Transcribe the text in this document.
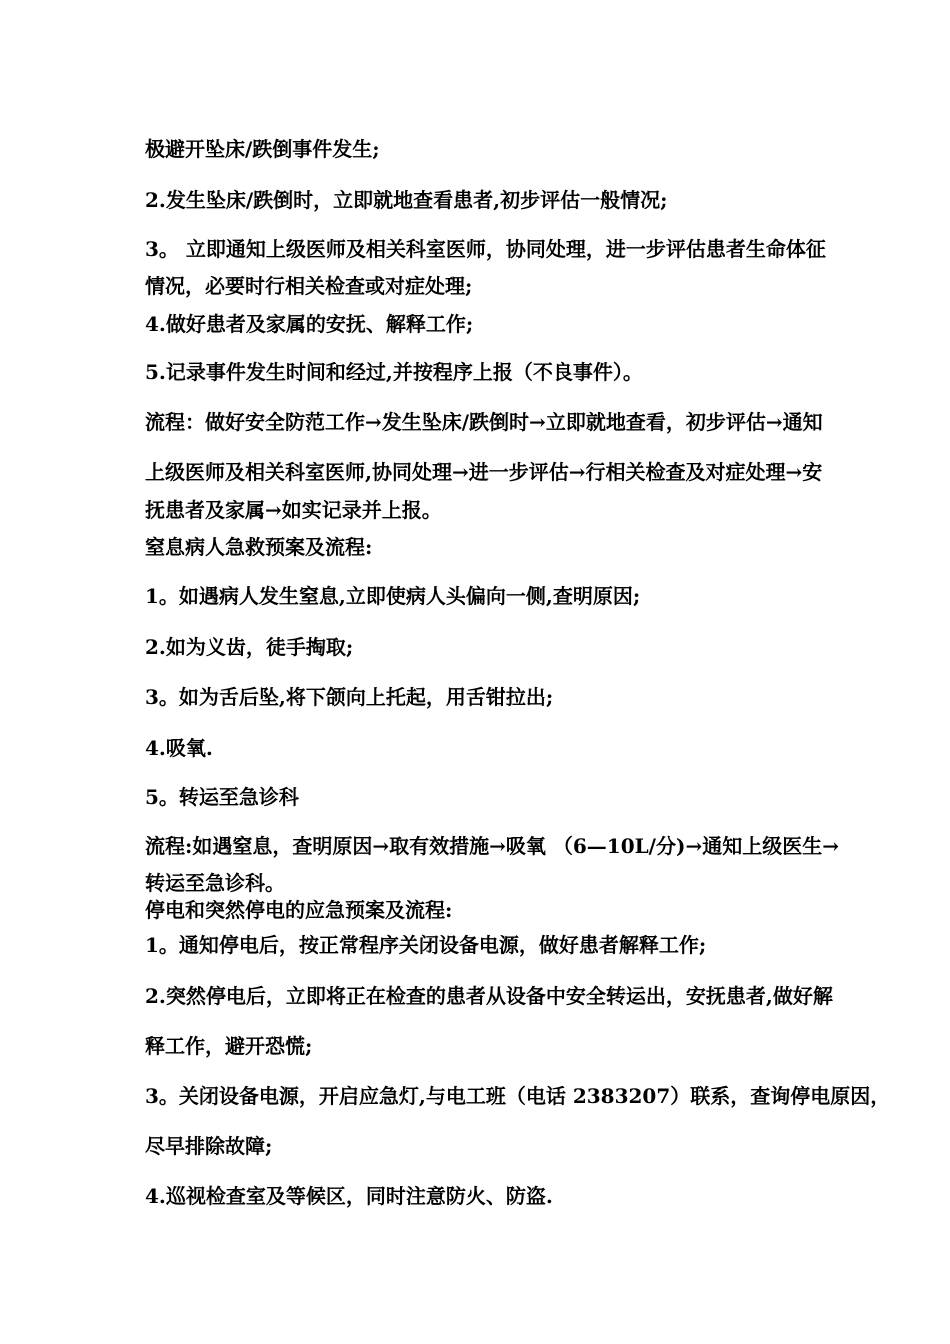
极避开坠床/跌倒事件发生;
2.发生坠床/跌倒时，立即就地查看患者,初步评估一般情况;
3。 立即通知上级医师及相关科室医师，协同处理，进一步评估患者生命体征
情况，必要时行相关检查或对症处理;
4.做好患者及家属的安抚、解释工作;
5.记录事件发生时间和经过,并按程序上报（不良事件）。
流程：做好安全防范工作→发生坠床/跌倒时→立即就地查看，初步评估→通知
上级医师及相关科室医师,协同处理→进一步评估→行相关检查及对症处理→安
抚患者及家属→如实记录并上报。
窒息病人急救预案及流程:
1。如遇病人发生窒息,立即使病人头偏向一侧,查明原因;
2.如为义齿，徒手掏取;
3。如为舌后坠,将下颌向上托起，用舌钳拉出;
4.吸氧.
5。转运至急诊科
流程:如遇窒息，查明原因→取有效措施→吸氧 （6—10L/分)→通知上级医生→
转运至急诊科。
停电和突然停电的应急预案及流程:
1。通知停电后，按正常程序关闭设备电源，做好患者解释工作;
2.突然停电后，立即将正在检查的患者从设备中安全转运出，安抚患者,做好解
释工作，避开恐慌;
3。关闭设备电源，开启应急灯,与电工班（电话 2383207）联系，查询停电原因，
尽早排除故障;
4.巡视检查室及等候区，同时注意防火、防盗.
